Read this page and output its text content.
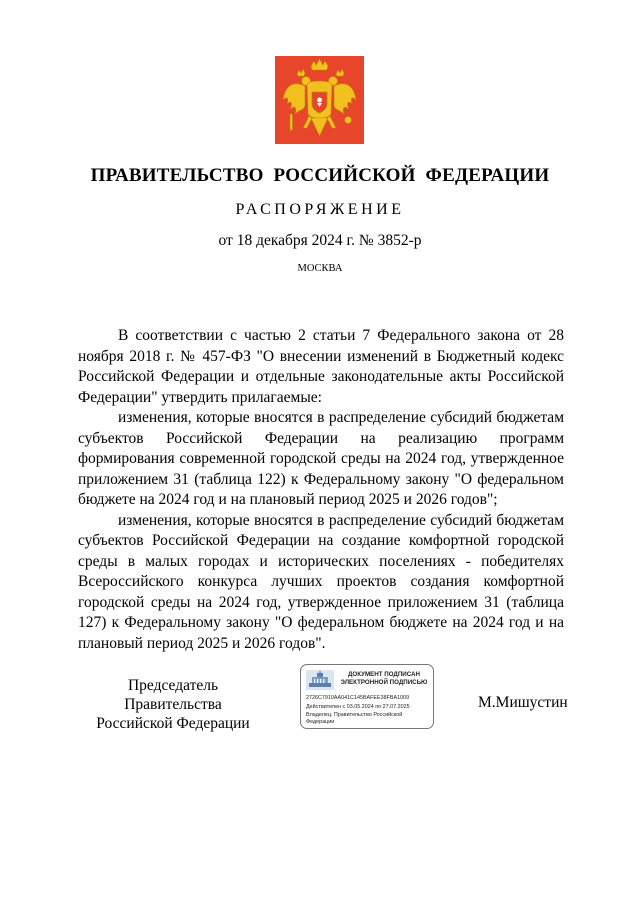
ПРАВИТЕЛЬСТВО РОССИЙСКОЙ ФЕДЕРАЦИИ
РАСПОРЯЖЕНИЕ
от 18 декабря 2024 г. № 3852-р
МОСКВА

В соответствии с частью 2 статьи 7 Федерального закона от 28 ноября 2018 г. № 457-ФЗ "О внесении изменений в Бюджетный кодекс Российской Федерации и отдельные законодательные акты Российской Федерации" утвердить прилагаемые:

изменения, которые вносятся в распределение субсидий бюджетам субъектов Российской Федерации на реализацию программ формирования современной городской среды на 2024 год, утвержденное приложением 31 (таблица 122) к Федеральному закону "О федеральном бюджете на 2024 год и на плановый период 2025 и 2026 годов";

изменения, которые вносятся в распределение субсидий бюджетам субъектов Российской Федерации на создание комфортной городской среды в малых городах и исторических поселениях - победителях Всероссийского конкурса лучших проектов создания комфортной городской среды на 2024 год, утвержденное приложением 31 (таблица 127) к Федеральному закону "О федеральном бюджете на 2024 год и на плановый период 2025 и 2026 годов".

Председатель Правительства
Российской Федерации
ДОКУМЕНТ ПОДПИСАН
ЭЛЕКТРОННОЙ ПОДПИСЬЮ
2726C7910AA041C145BAFEE38FBA1009
Действителен с 03.05.2024 по 27.07.2025
Владелец: Правительство Российской
Федерации
М.Мишустин
